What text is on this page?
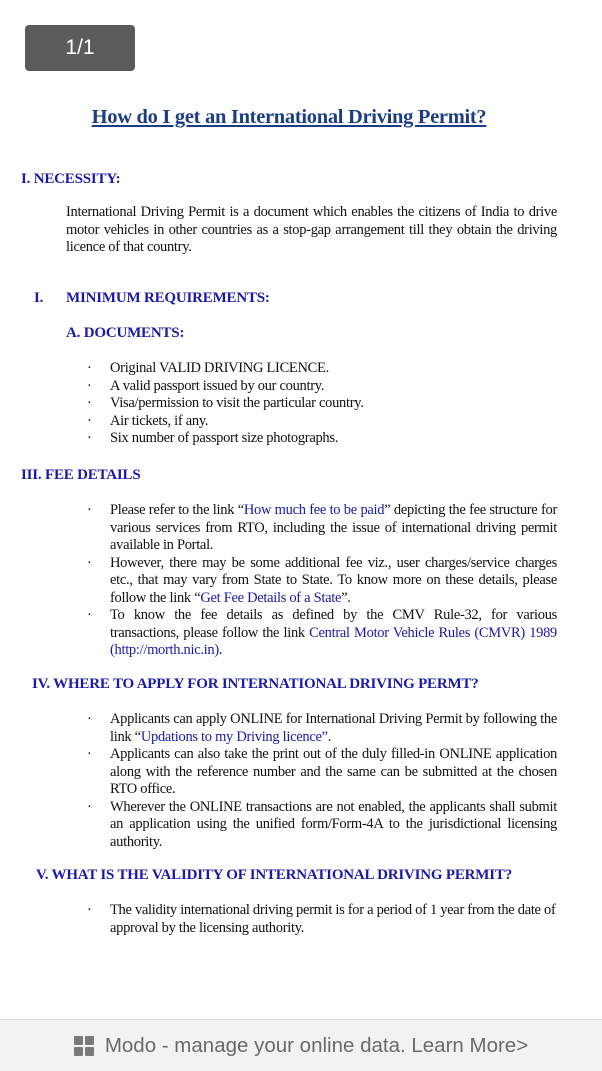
1/1
How do I get an International Driving Permit?
I. NECESSITY:

International Driving Permit is a document which enables the citizens of India to drive motor vehicles in other countries as a stop-gap arrangement till they obtain the driving licence of that country.

I. MINIMUM REQUIREMENTS:
A. DOCUMENTS:
· Original VALID DRIVING LICENCE.
· A valid passport issued by our country.
· Visa/permission to visit the particular country.
· Air tickets, if any.
· Six number of passport size photographs.
III. FEE DETAILS
· Please refer to the link “How much fee to be paid” depicting the fee structure for various services from RTO, including the issue of international driving permit available in Portal.
· However, there may be some additional fee viz., user charges/service charges etc., that may vary from State to State. To know more on these details, please follow the link “Get Fee Details of a State”.
· To know the fee details as defined by the CMV Rule-32, for various transactions, please follow the link Central Motor Vehicle Rules (CMVR) 1989 (http://morth.nic.in).
IV. WHERE TO APPLY FOR INTERNATIONAL DRIVING PERMT?
· Applicants can apply ONLINE for International Driving Permit by following the link “Updations to my Driving licence”.
· Applicants can also take the print out of the duly filled-in ONLINE application along with the reference number and the same can be submitted at the chosen RTO office.
· Wherever the ONLINE transactions are not enabled, the applicants shall submit an application using the unified form/Form-4A to the jurisdictional licensing authority.
V. WHAT IS THE VALIDITY OF INTERNATIONAL DRIVING PERMIT?
· The validity international driving permit is for a period of 1 year from the date of approval by the licensing authority.
Modo - manage your online data. Learn More>
